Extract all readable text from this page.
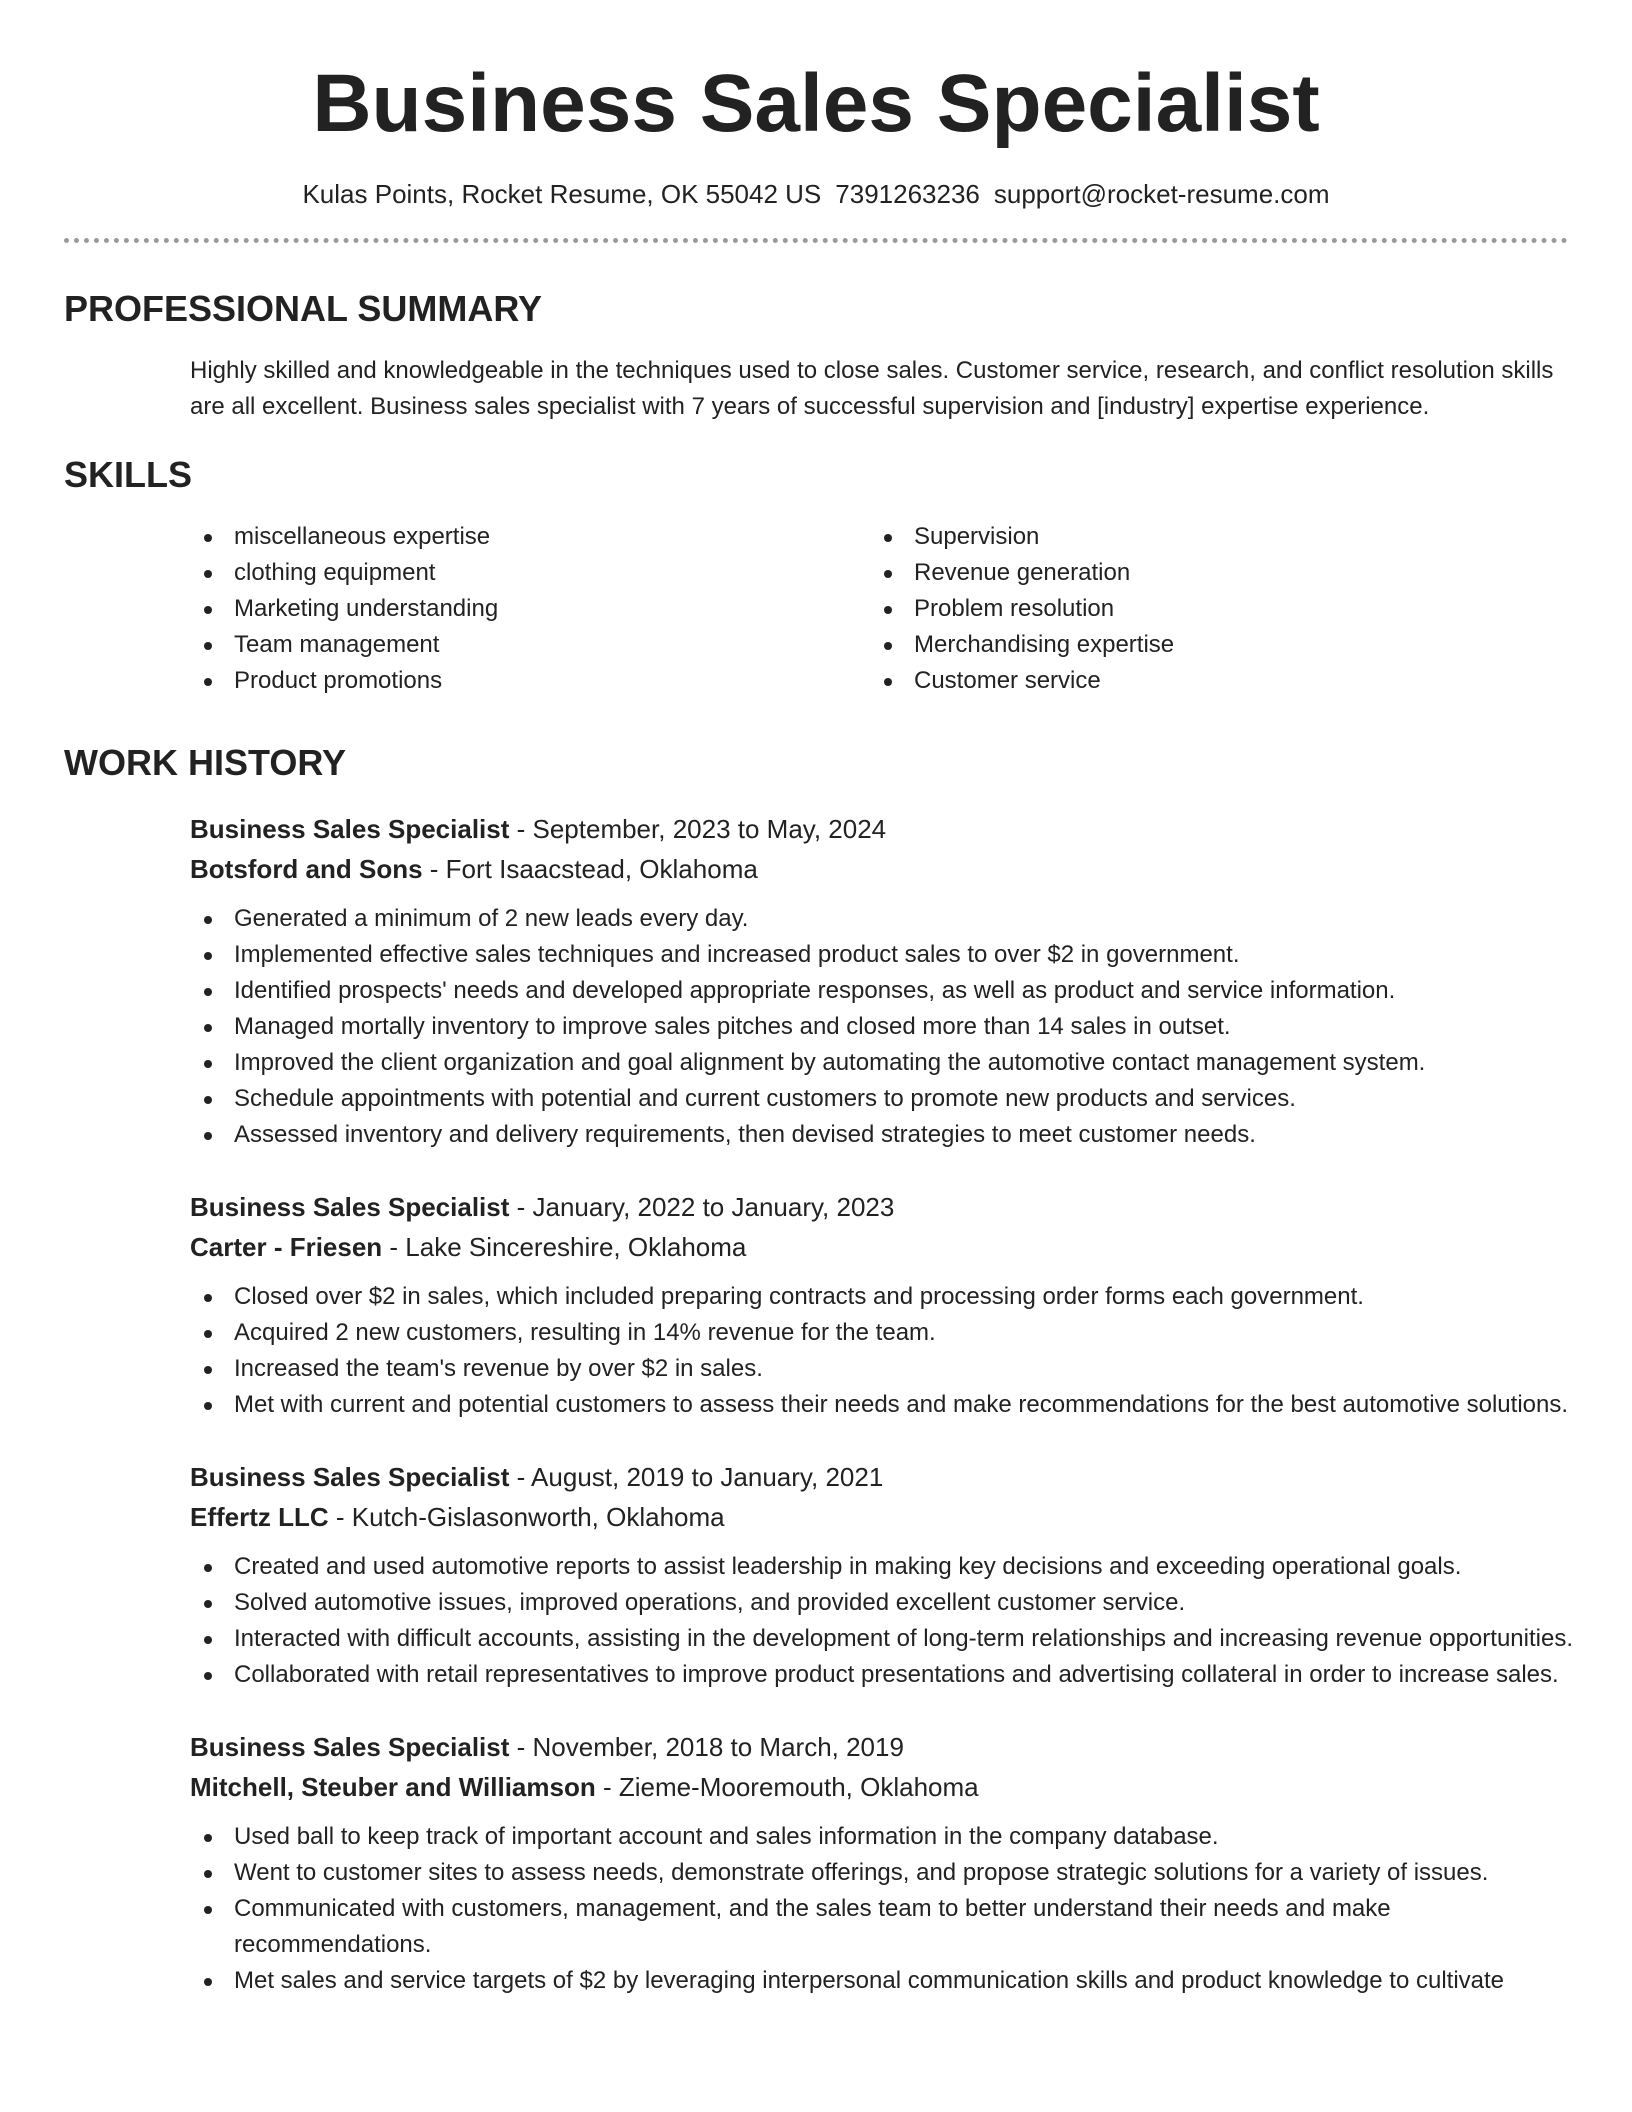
Business Sales Specialist
Kulas Points, Rocket Resume, OK 55042 US 7391263236 support@rocket-resume.com
PROFESSIONAL SUMMARY
Highly skilled and knowledgeable in the techniques used to close sales. Customer service, research, and conflict resolution skills are all excellent. Business sales specialist with 7 years of successful supervision and [industry] expertise experience.
SKILLS
miscellaneous expertise
clothing equipment
Marketing understanding
Team management
Product promotions
Supervision
Revenue generation
Problem resolution
Merchandising expertise
Customer service
WORK HISTORY
Business Sales Specialist - September, 2023 to May, 2024
Botsford and Sons - Fort Isaacstead, Oklahoma
Generated a minimum of 2 new leads every day.
Implemented effective sales techniques and increased product sales to over $2 in government.
Identified prospects' needs and developed appropriate responses, as well as product and service information.
Managed mortally inventory to improve sales pitches and closed more than 14 sales in outset.
Improved the client organization and goal alignment by automating the automotive contact management system.
Schedule appointments with potential and current customers to promote new products and services.
Assessed inventory and delivery requirements, then devised strategies to meet customer needs.
Business Sales Specialist - January, 2022 to January, 2023
Carter - Friesen - Lake Sincereshire, Oklahoma
Closed over $2 in sales, which included preparing contracts and processing order forms each government.
Acquired 2 new customers, resulting in 14% revenue for the team.
Increased the team's revenue by over $2 in sales.
Met with current and potential customers to assess their needs and make recommendations for the best automotive solutions.
Business Sales Specialist - August, 2019 to January, 2021
Effertz LLC - Kutch-Gislasonworth, Oklahoma
Created and used automotive reports to assist leadership in making key decisions and exceeding operational goals.
Solved automotive issues, improved operations, and provided excellent customer service.
Interacted with difficult accounts, assisting in the development of long-term relationships and increasing revenue opportunities.
Collaborated with retail representatives to improve product presentations and advertising collateral in order to increase sales.
Business Sales Specialist - November, 2018 to March, 2019
Mitchell, Steuber and Williamson - Zieme-Mooremouth, Oklahoma
Used ball to keep track of important account and sales information in the company database.
Went to customer sites to assess needs, demonstrate offerings, and propose strategic solutions for a variety of issues.
Communicated with customers, management, and the sales team to better understand their needs and make recommendations.
Met sales and service targets of $2 by leveraging interpersonal communication skills and product knowledge to cultivate
